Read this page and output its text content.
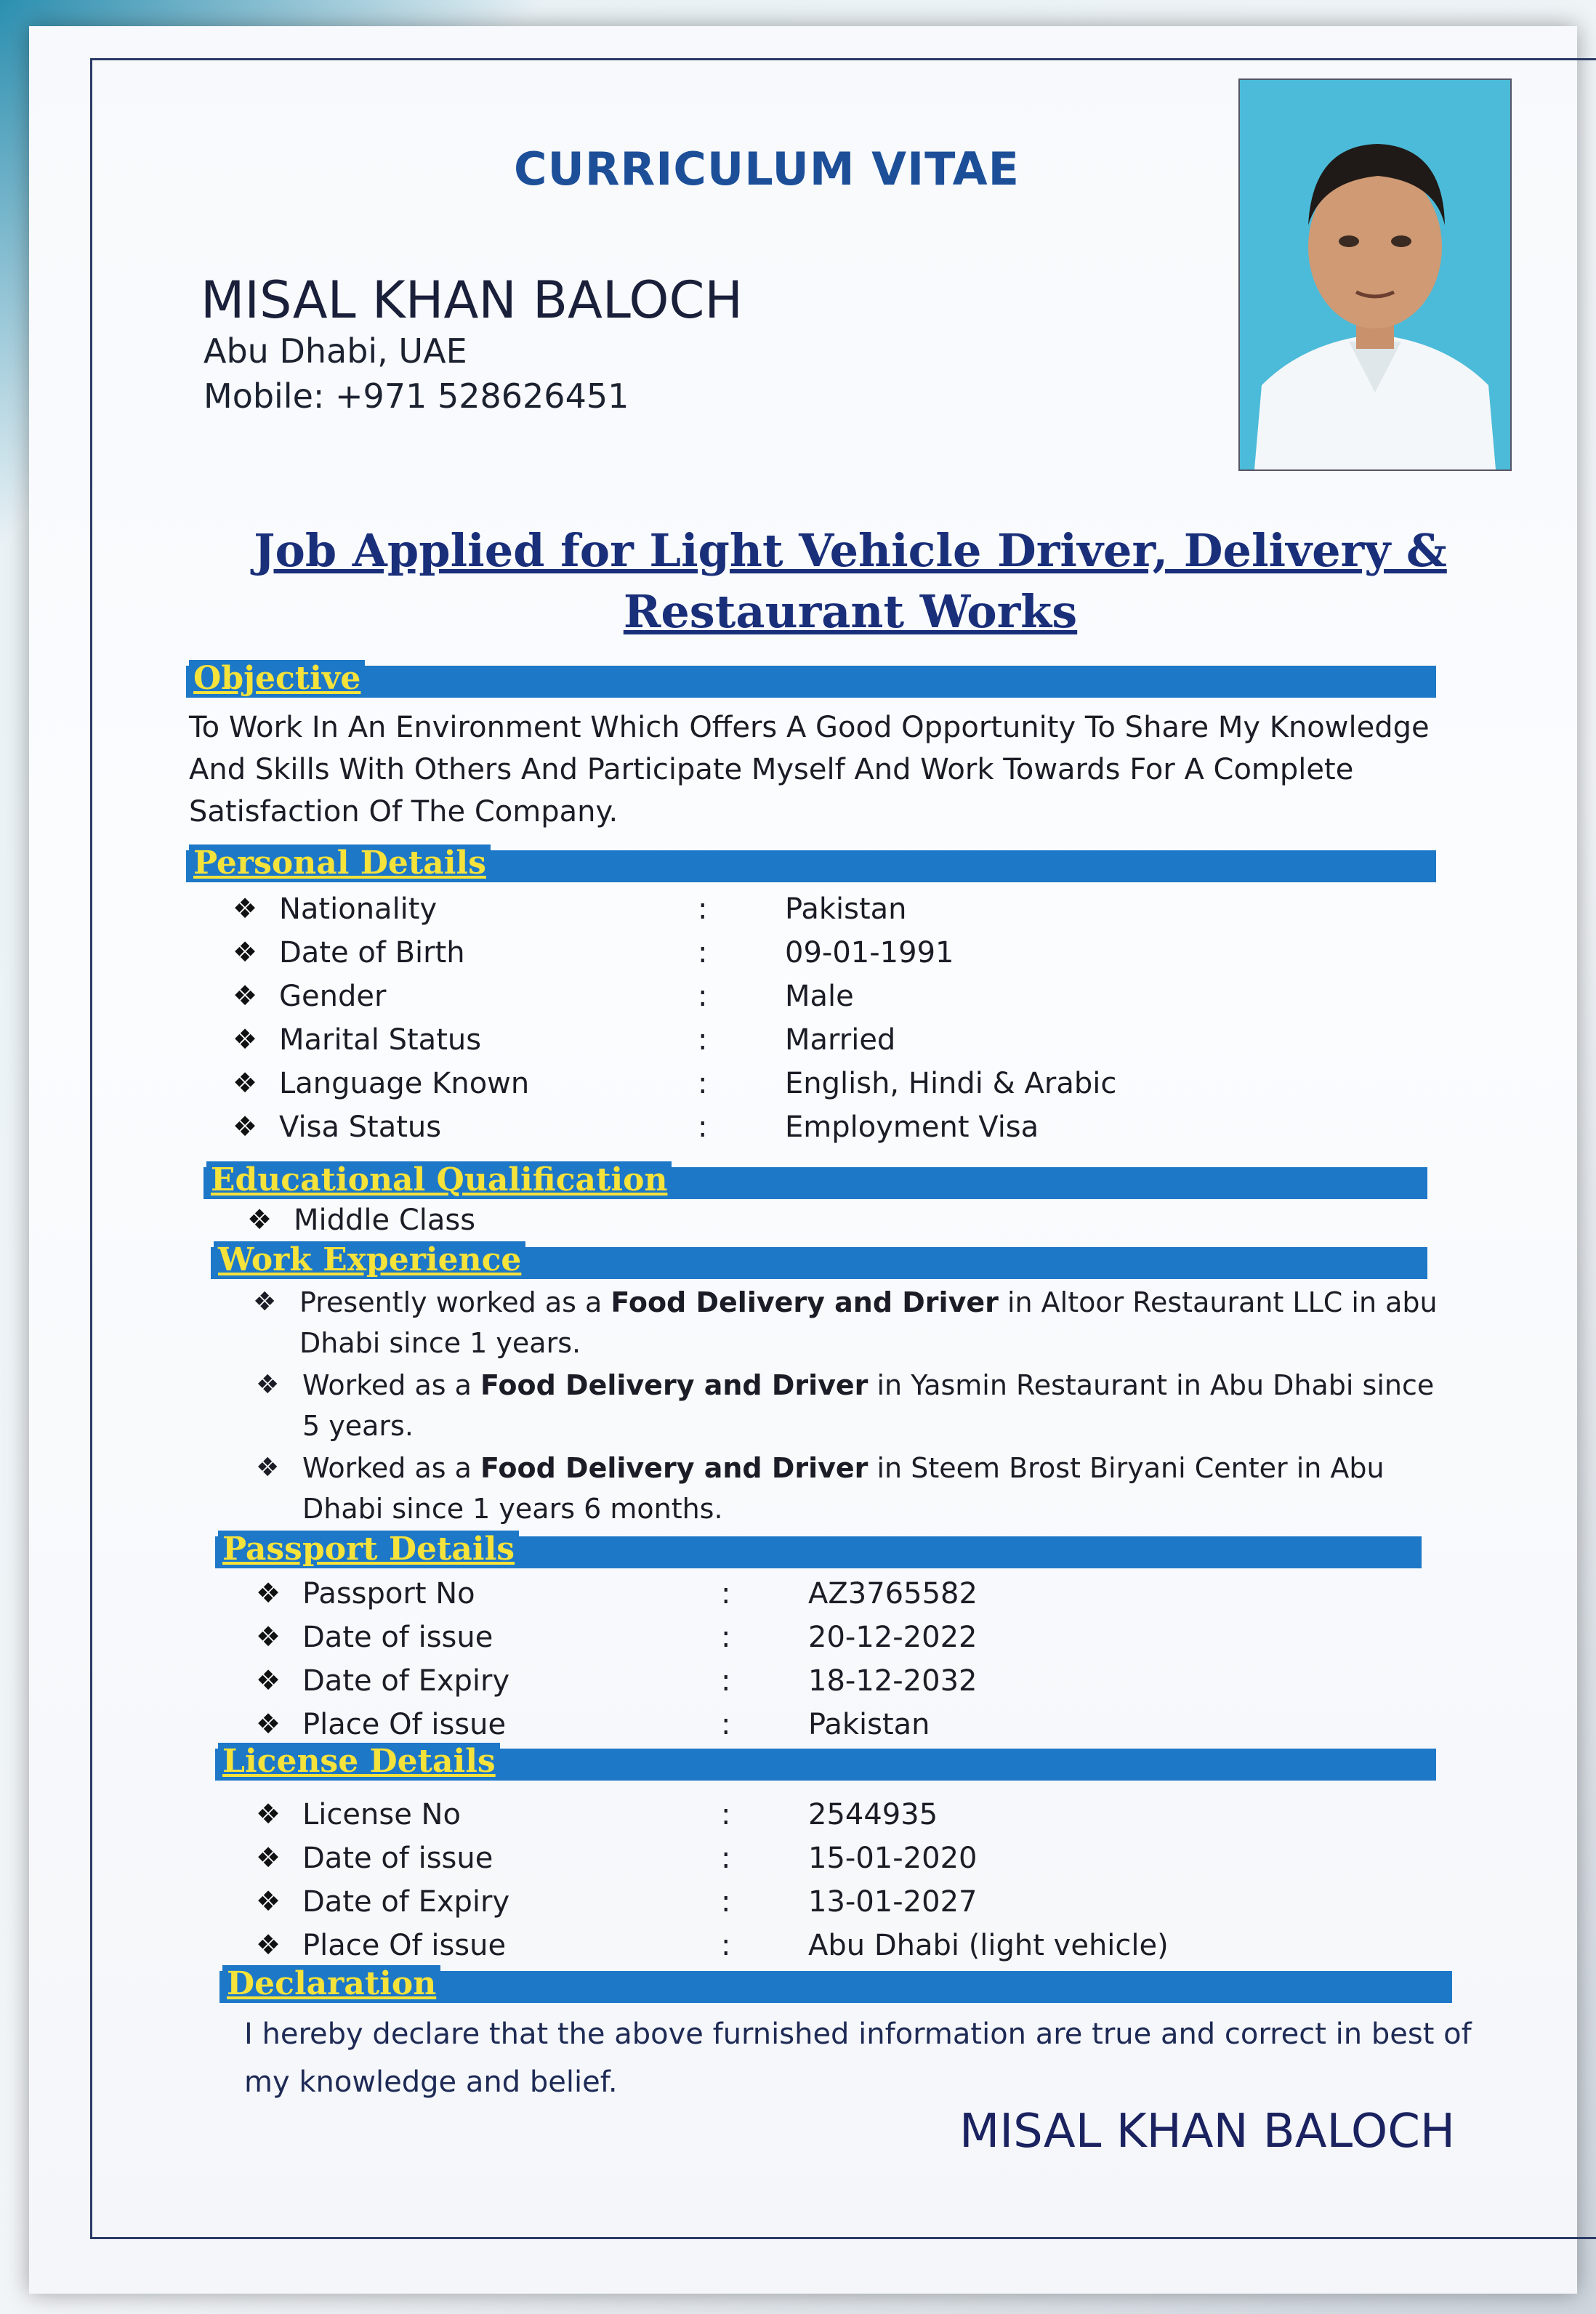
CURRICULUM VITAE
MISAL KHAN BALOCH
Abu Dhabi, UAE
Mobile: +971 528626451
Job Applied for Light Vehicle Driver, Delivery &
Restaurant Works
Objective
To Work In An Environment Which Offers A Good Opportunity To Share My Knowledge And Skills With Others And Participate Myself And Work Towards For A Complete Satisfaction Of The Company.
Personal Details
❖ Nationality	:	Pakistan
❖ Date of Birth	:	09-01-1991
❖ Gender	:	Male
❖ Marital Status	:	Married
❖ Language Known	:	English, Hindi & Arabic
❖ Visa Status	:	Employment Visa
Educational Qualification
❖ Middle Class
Work Experience
❖ Presently worked as a Food Delivery and Driver in Altoor Restaurant LLC in abu Dhabi since 1 years.
❖ Worked as a Food Delivery and Driver in Yasmin Restaurant in Abu Dhabi since 5 years.
❖ Worked as a Food Delivery and Driver in Steem Brost Biryani Center in Abu Dhabi since 1 years 6 months.
Passport Details
❖ Passport No	:	AZ3765582
❖ Date of issue	:	20-12-2022
❖ Date of Expiry	:	18-12-2032
❖ Place Of issue	:	Pakistan
License Details
❖ License No	:	2544935
❖ Date of issue	:	15-01-2020
❖ Date of Expiry	:	13-01-2027
❖ Place Of issue	:	Abu Dhabi (light vehicle)
Declaration
I hereby declare that the above furnished information are true and correct in best of my knowledge and belief.
MISAL KHAN BALOCH
